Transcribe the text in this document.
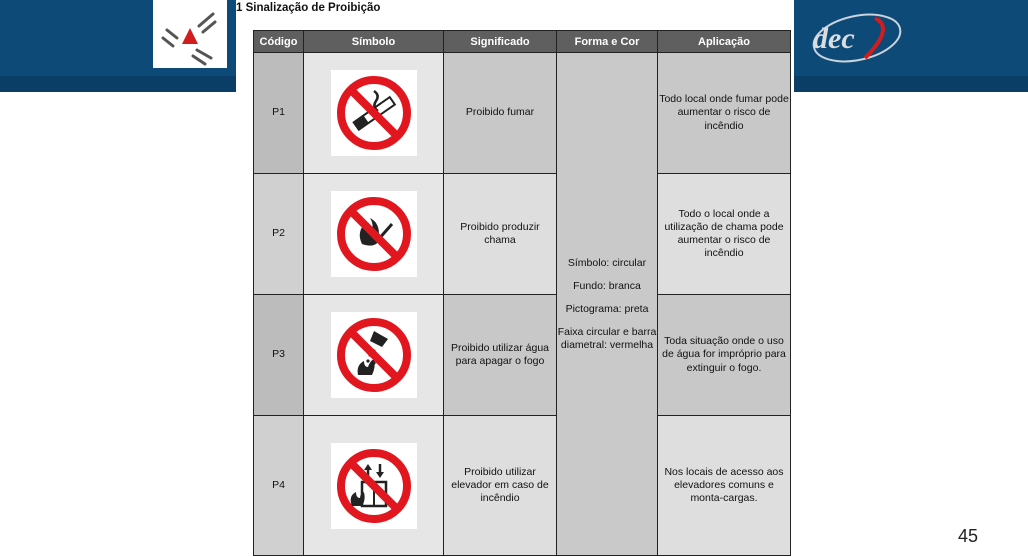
dec
1 Sinalização de Proibição
Código	Símbolo	Significado	Forma e Cor	Aplicação
P1		Proibido fumar	Símbolo: circular
Fundo: branca
Pictograma: preta
Faixa circular e barra diametral: vermelha	Todo local onde fumar pode aumentar o risco de incêndio
P2		Proibido produzir chama		Todo o local onde a utilização de chama pode aumentar o risco de incêndio
P3		Proibido utilizar água para apagar o fogo		Toda situação onde o uso de água for impróprio para extinguir o fogo.
P4		Proibido utilizar elevador em caso de incêndio		Nos locais de acesso aos elevadores comuns e monta-cargas.
45
